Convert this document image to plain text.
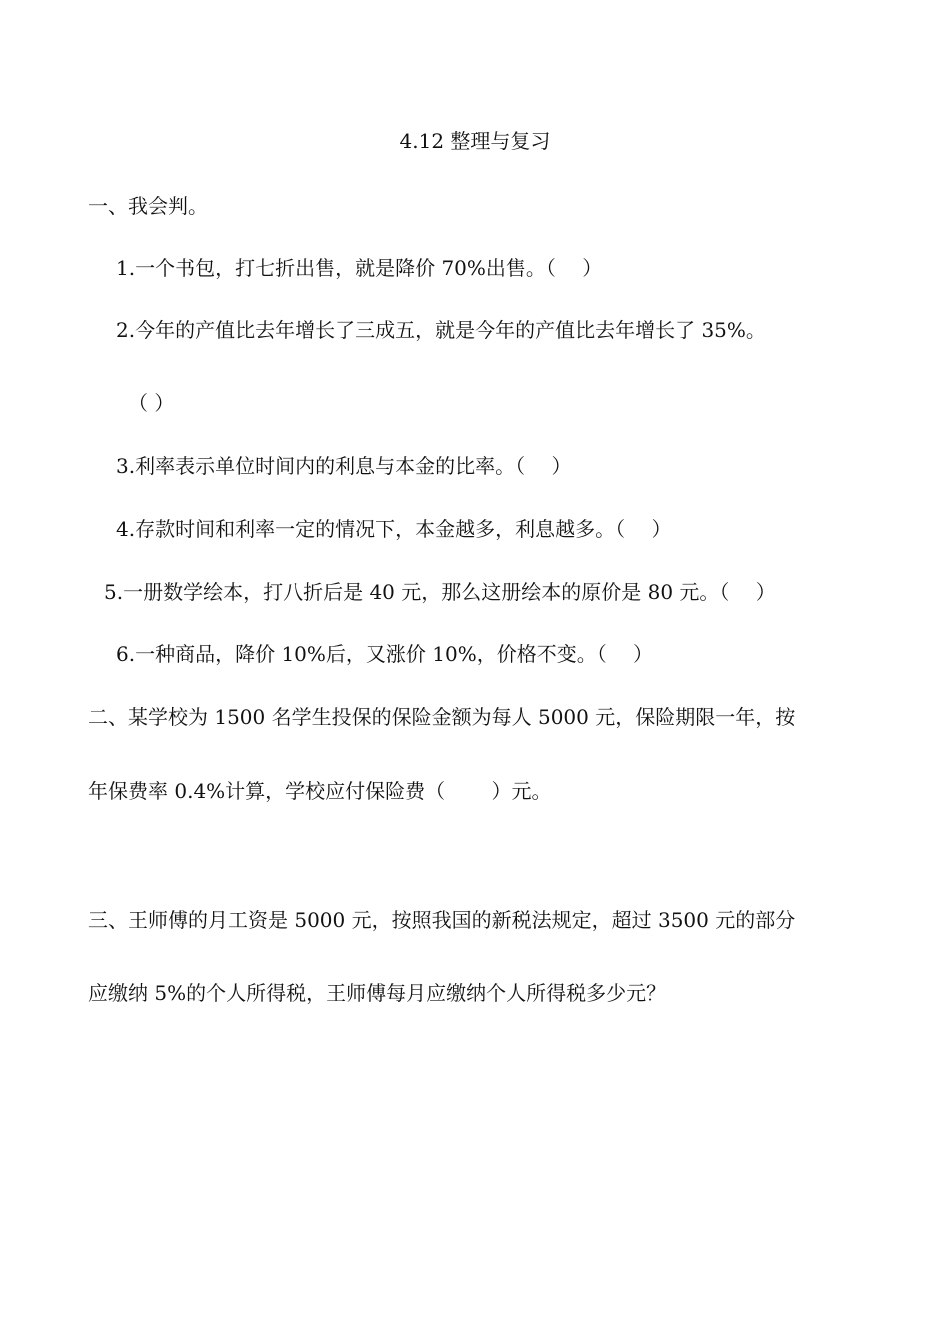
4.12 整理与复习
一、我会判。
1.一个书包，打七折出售，就是降价 70%出售。（　 ）
2.今年的产值比去年增长了三成五，就是今年的产值比去年增长了 35%。
（ ）
3.利率表示单位时间内的利息与本金的比率。（　 ）
4.存款时间和利率一定的情况下，本金越多，利息越多。（　 ）
5.一册数学绘本，打八折后是 40 元，那么这册绘本的原价是 80 元。（　 ）
6.一种商品，降价 10%后，又涨价 10%，价格不变。（　 ）
二、某学校为 1500 名学生投保的保险金额为每人 5000 元，保险期限一年，按
年保费率 0.4%计算，学校应付保险费（　　 ）元。
三、王师傅的月工资是 5000 元，按照我国的新税法规定，超过 3500 元的部分
应缴纳 5%的个人所得税，王师傅每月应缴纳个人所得税多少元？
